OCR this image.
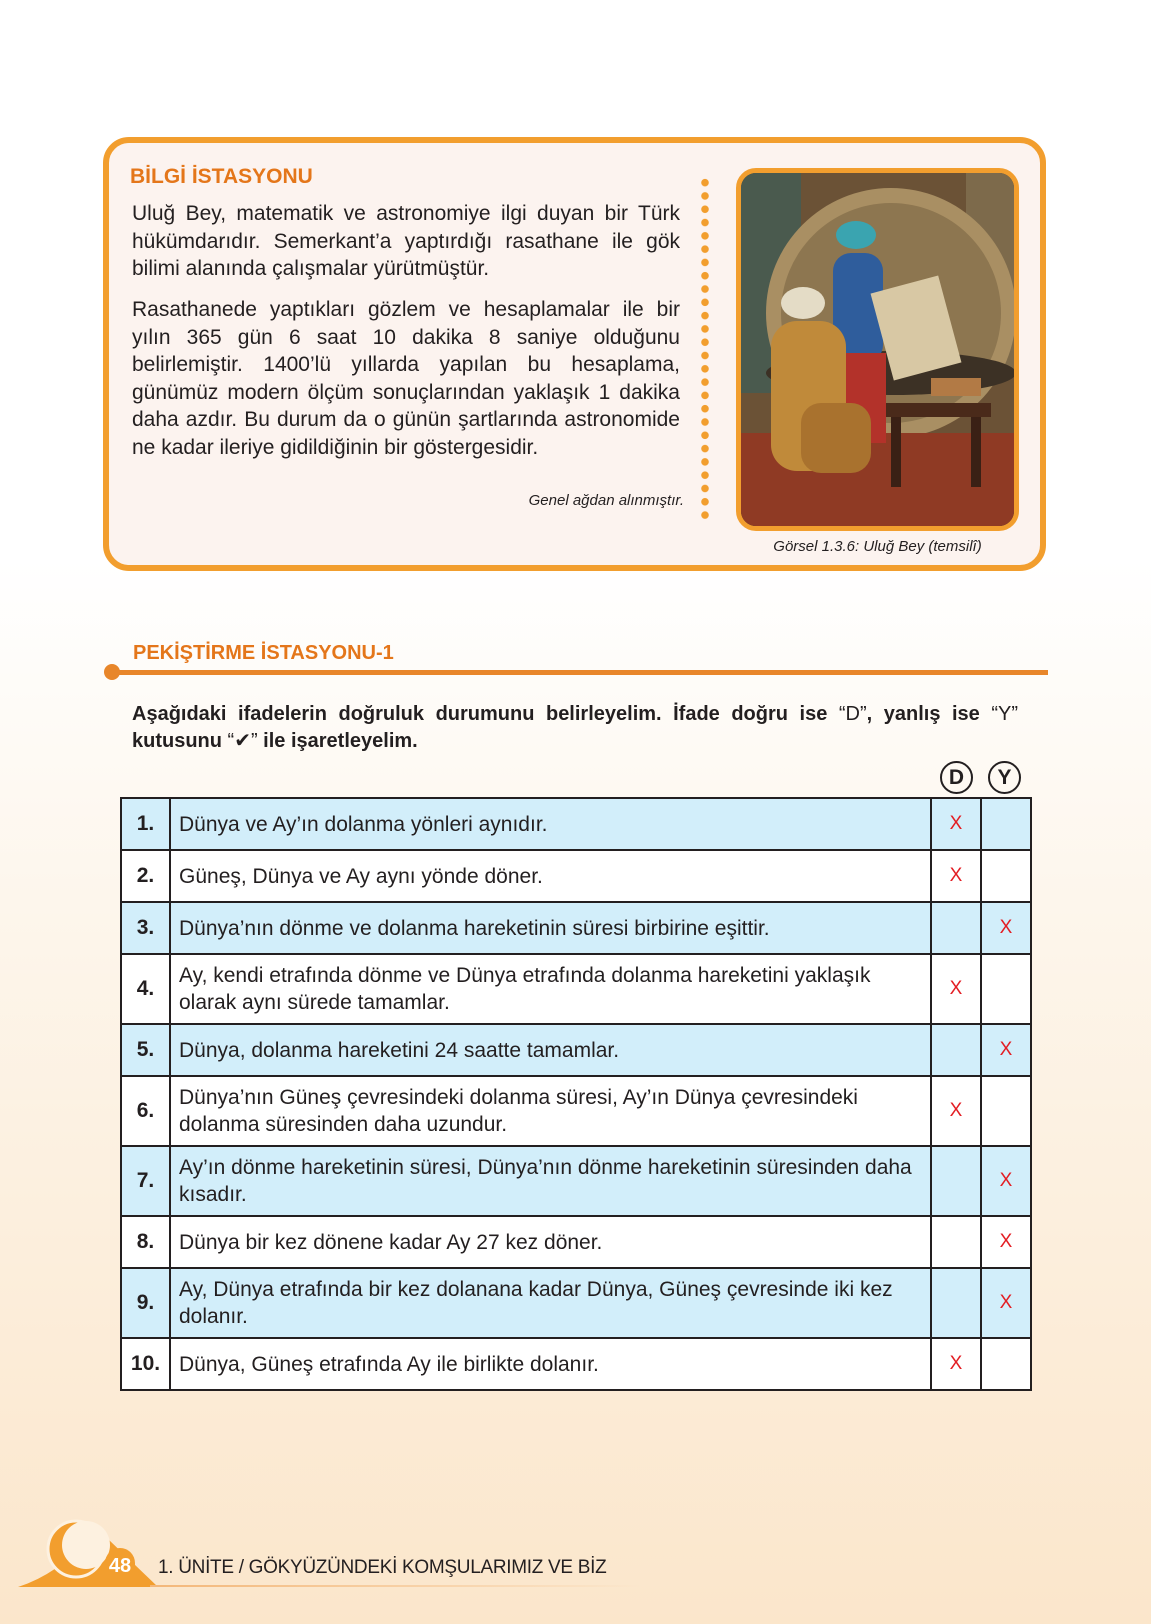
BİLGİ İSTASYONU

Uluğ Bey, matematik ve astronomiye ilgi duyan bir Türk hükümdarıdır. Semerkant’a yaptırdığı rasathane ile gök bilimi alanında çalışmalar yürütmüştür.

Rasathanede yaptıkları gözlem ve hesaplamalar ile bir yılın 365 gün 6 saat 10 dakika 8 saniye olduğunu belirlemiştir. 1400’lü yıllarda yapılan bu hesaplama, günümüz modern ölçüm sonuçlarından yaklaşık 1 dakika daha azdır. Bu durum da o günün şartlarında astronomide ne kadar ileriye gidildiğinin bir göstergesidir.

Genel ağdan alınmıştır.
Görsel 1.3.6: Uluğ Bey (temsilî)
PEKİŞTİRME İSTASYONU-1

Aşağıdaki ifadelerin doğruluk durumunu belirleyelim. İfade doğru ise “D”, yanlış ise “Y” kutusunu “✔” ile işaretleyelim.

D	Y
1.	Dünya ve Ay’ın dolanma yönleri aynıdır.	X	
2.	Güneş, Dünya ve Ay aynı yönde döner.	X	
3.	Dünya’nın dönme ve dolanma hareketinin süresi birbirine eşittir.		X
4.	Ay, kendi etrafında dönme ve Dünya etrafında dolanma hareketini yaklaşık olarak aynı sürede tamamlar.	X	
5.	Dünya, dolanma hareketini 24 saatte tamamlar.		X
6.	Dünya’nın Güneş çevresindeki dolanma süresi, Ay’ın Dünya çevresindeki dolanma süresinden daha uzundur.	X	
7.	Ay’ın dönme hareketinin süresi, Dünya’nın dönme hareketinin süresinden daha kısadır.		X
8.	Dünya bir kez dönene kadar Ay 27 kez döner.		X
9.	Ay, Dünya etrafında bir kez dolanana kadar Dünya, Güneş çevresinde iki kez dolanır.		X
10.	Dünya, Güneş etrafında Ay ile birlikte dolanır.	X	
48 1. ÜNİTE / GÖKYÜZÜNDEKİ KOMŞULARIMIZ VE BİZ
